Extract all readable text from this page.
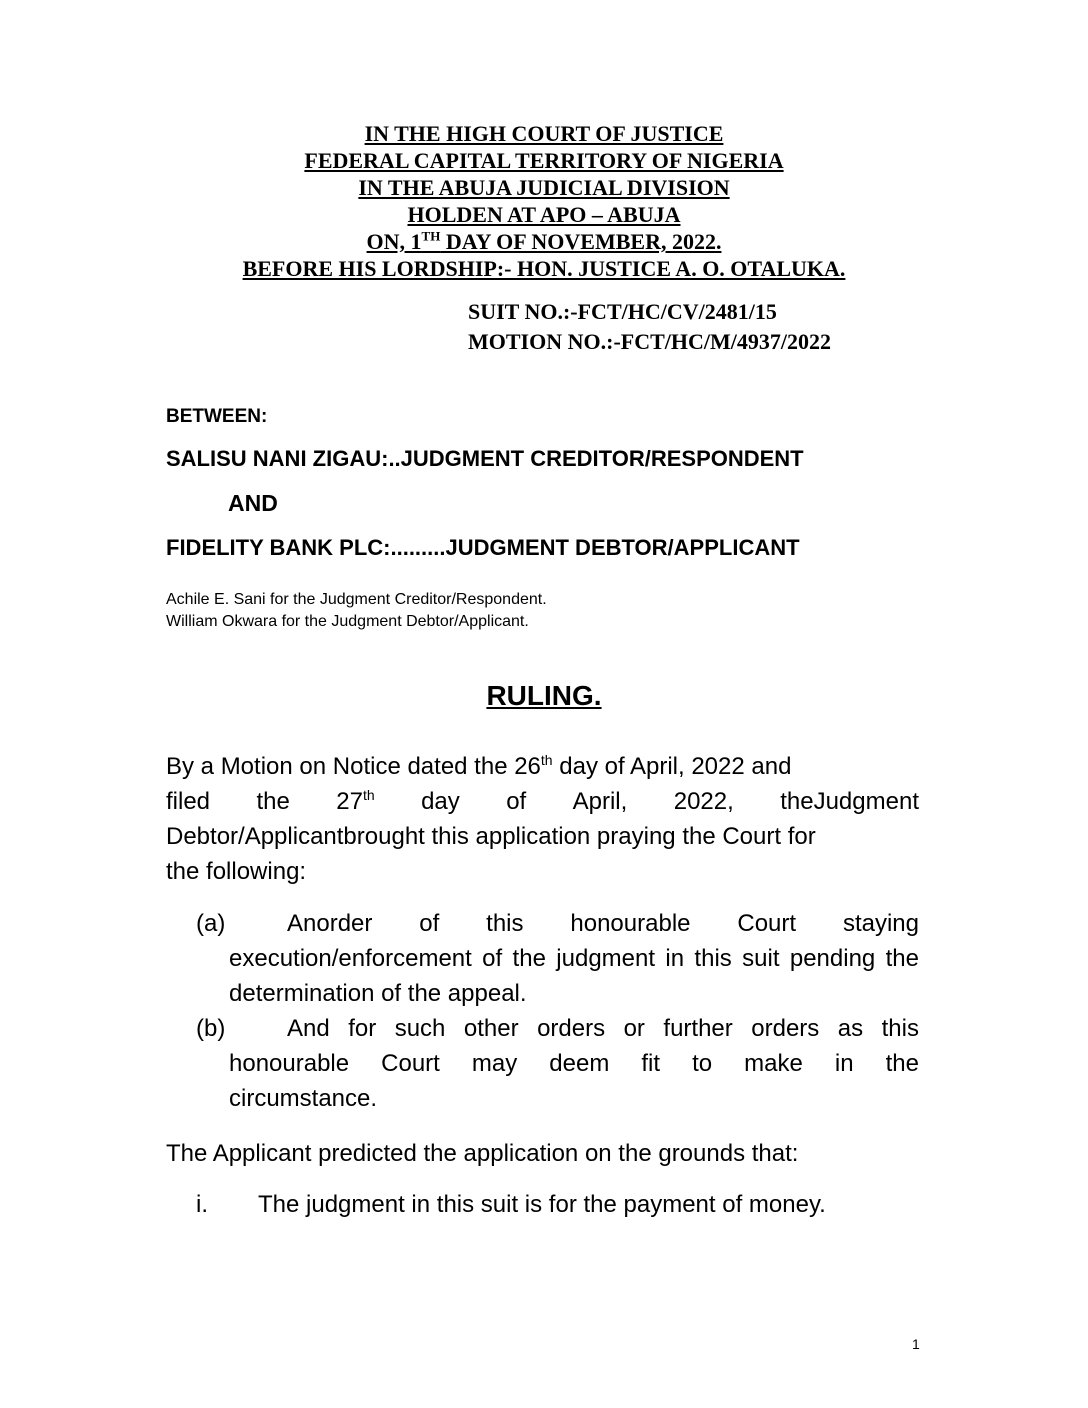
IN THE HIGH COURT OF JUSTICE
FEDERAL CAPITAL TERRITORY OF NIGERIA
IN THE ABUJA JUDICIAL DIVISION
HOLDEN AT APO – ABUJA
ON, 1TH DAY OF NOVEMBER, 2022.
BEFORE HIS LORDSHIP:- HON. JUSTICE A. O. OTALUKA.
SUIT NO.:-FCT/HC/CV/2481/15
MOTION NO.:-FCT/HC/M/4937/2022
BETWEEN:
SALISU NANI ZIGAU:..JUDGMENT CREDITOR/RESPONDENT
AND
FIDELITY BANK PLC:.........JUDGMENT DEBTOR/APPLICANT
Achile E. Sani for the Judgment Creditor/Respondent.
William Okwara for the Judgment Debtor/Applicant.
RULING.
By a Motion on Notice dated the 26th day of April, 2022 and
filed the 27th day of April, 2022, theJudgment
Debtor/Applicantbrought this application praying the Court for
the following:
(a)	Anorder of this honourable Court staying
execution/enforcement of the judgment in this suit pending the determination of the appeal.
(b)	And for such other orders or further orders as this
honourable Court may deem fit to make in the
circumstance.
The Applicant predicted the application on the grounds that:
i. The judgment in this suit is for the payment of money.
1
